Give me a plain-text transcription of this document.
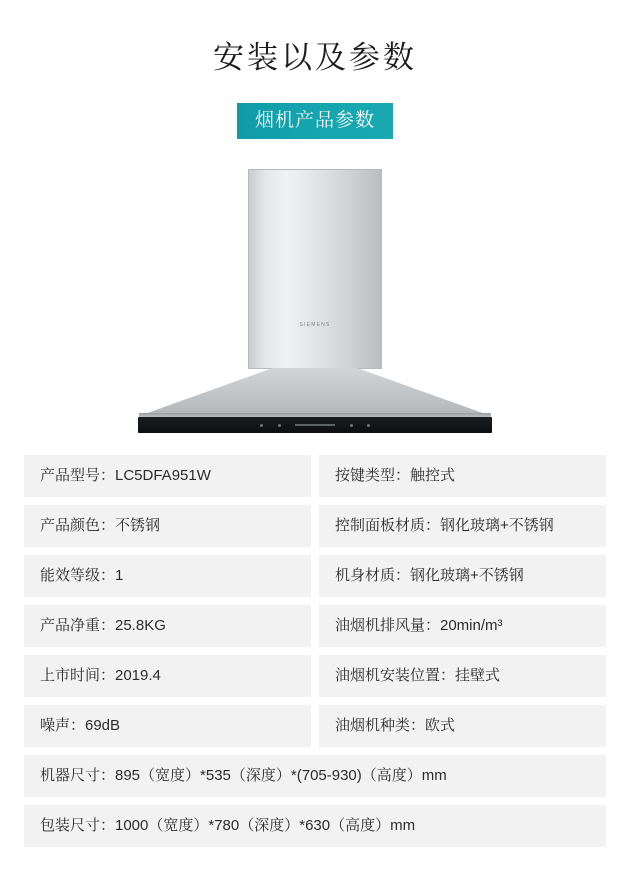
安装以及参数
烟机产品参数
SIEMENS
产品型号：LC5DFA951W	按键类型：触控式
产品颜色：不锈钢	控制面板材质：钢化玻璃+不锈钢
能效等级：1	机身材质：钢化玻璃+不锈钢
产品净重：25.8KG	油烟机排风量：20min/m³
上市时间：2019.4	油烟机安装位置：挂壁式
噪声：69dB	油烟机种类：欧式
机器尺寸：895（宽度）*535（深度）*(705-930)（高度）mm
包装尺寸：1000（宽度）*780（深度）*630（高度）mm
